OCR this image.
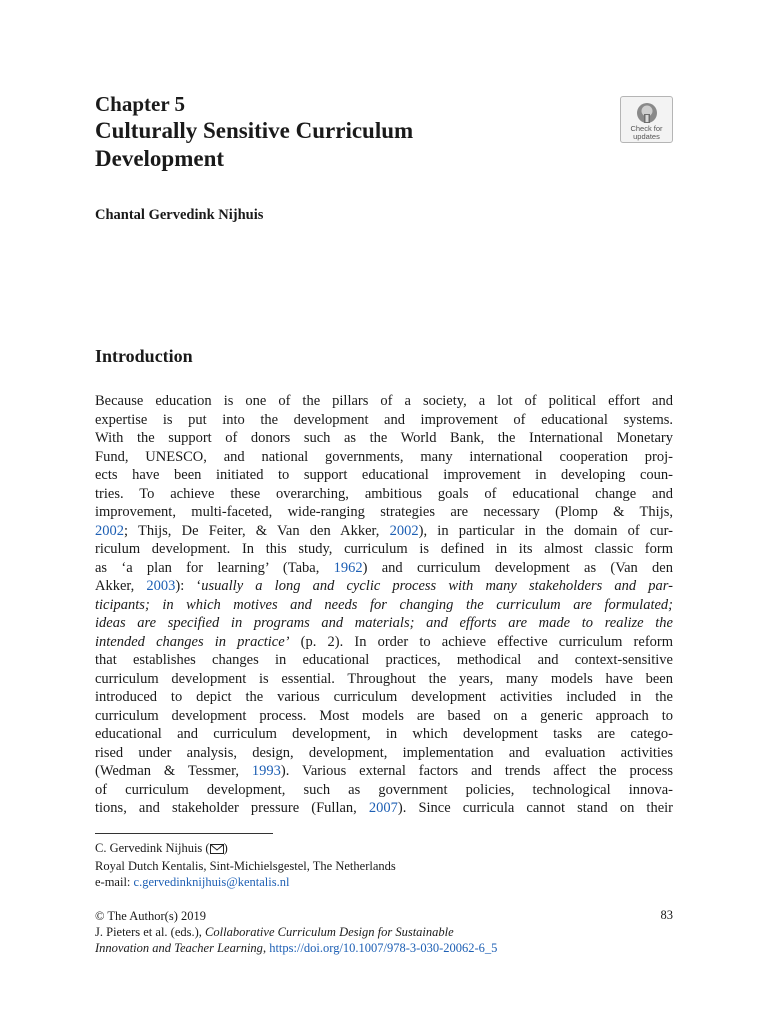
Chapter 5
Culturally Sensitive Curriculum
Development
Check for
updates
Chantal Gervedink Nijhuis
Introduction
Because education is one of the pillars of a society, a lot of political effort and
expertise is put into the development and improvement of educational systems.
With the support of donors such as the World Bank, the International Monetary
Fund, UNESCO, and national governments, many international cooperation proj-
ects have been initiated to support educational improvement in developing coun-
tries. To achieve these overarching, ambitious goals of educational change and
improvement, multi-faceted, wide-ranging strategies are necessary (Plomp & Thijs,
2002; Thijs, De Feiter, & Van den Akker, 2002), in particular in the domain of cur-
riculum development. In this study, curriculum is defined in its almost classic form
as ‘a plan for learning’ (Taba, 1962) and curriculum development as (Van den
Akker, 2003): ‘usually a long and cyclic process with many stakeholders and par-
ticipants; in which motives and needs for changing the curriculum are formulated;
ideas are specified in programs and materials; and efforts are made to realize the
intended changes in practice’ (p. 2). In order to achieve effective curriculum reform
that establishes changes in educational practices, methodical and context-sensitive
curriculum development is essential. Throughout the years, many models have been
introduced to depict the various curriculum development activities included in the
curriculum development process. Most models are based on a generic approach to
educational and curriculum development, in which development tasks are catego-
rised under analysis, design, development, implementation and evaluation activities
(Wedman & Tessmer, 1993). Various external factors and trends affect the process
of curriculum development, such as government policies, technological innova-
tions, and stakeholder pressure (Fullan, 2007). Since curricula cannot stand on their
C. Gervedink Nijhuis ( )
Royal Dutch Kentalis, Sint-Michielsgestel, The Netherlands
e-mail: c.gervedinknijhuis@kentalis.nl
© The Author(s) 2019
J. Pieters et al. (eds.), Collaborative Curriculum Design for Sustainable
Innovation and Teacher Learning, https://doi.org/10.1007/978-3-030-20062-6_5
83
